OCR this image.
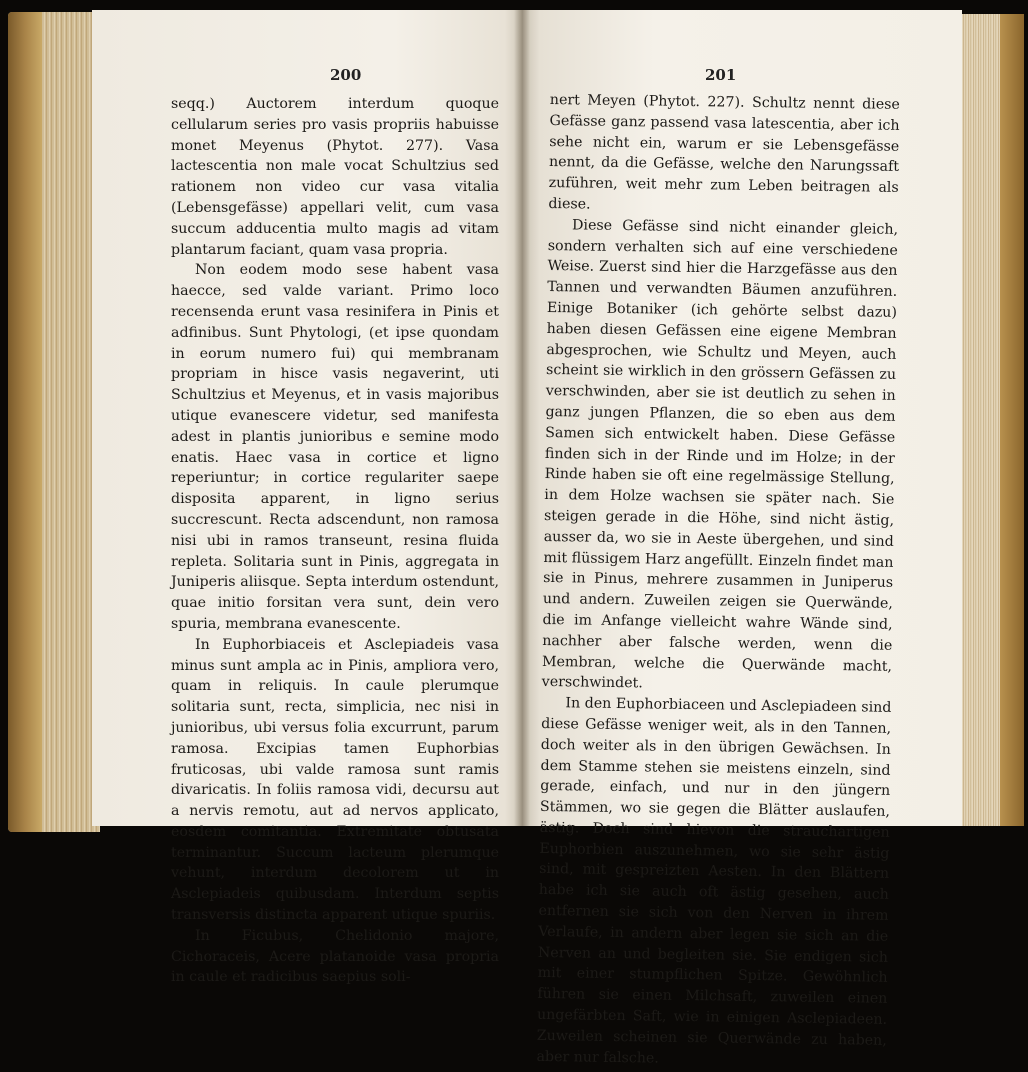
200

seqq.) Auctorem interdum quoque cellularum series pro vasis propriis habuisse monet Meyenus (Phytot. 277). Vasa lactescentia non male vocat Schultzius sed rationem non video cur vasa vitalia (Lebensgefässe) appellari velit, cum vasa succum adducentia multo magis ad vitam plantarum faciant, quam vasa propria.

Non eodem modo sese habent vasa haecce, sed valde variant. Primo loco recensenda erunt vasa resinifera in Pinis et adfinibus. Sunt Phytologi, (et ipse quondam in eorum numero fui) qui membranam propriam in hisce vasis negaverint, uti Schultzius et Meyenus, et in vasis majoribus utique evanescere videtur, sed manifesta adest in plantis junioribus e semine modo enatis. Haec vasa in cortice et ligno reperiuntur; in cortice regulariter saepe disposita apparent, in ligno serius succrescunt. Recta adscendunt, non ramosa nisi ubi in ramos transeunt, resina fluida repleta. Solitaria sunt in Pinis, aggregata in Juniperis aliisque. Septa interdum ostendunt, quae initio forsitan vera sunt, dein vero spuria, membrana evanescente.

In Euphorbiaceis et Asclepiadeis vasa minus sunt ampla ac in Pinis, ampliora vero, quam in reliquis. In caule plerumque solitaria sunt, recta, simplicia, nec nisi in junioribus, ubi versus folia excurrunt, parum ramosa. Excipias tamen Euphorbias fruticosas, ubi valde ramosa sunt ramis divaricatis. In foliis ramosa vidi, decursu aut a nervis remotu, aut ad nervos applicato, eosdem comitantia. Extremitate obtusata terminantur. Succum lacteum plerumque vehunt, interdum decolorem ut in Asclepiadeis quibusdam. Interdum septis transversis distincta apparent utique spuriis.

In Ficubus, Chelidonio majore, Cichoraceis, Acere platanoide vasa propria in caule et radicibus saepius soli-

201

nert Meyen (Phytot. 227). Schultz nennt diese Gefässe ganz passend vasa latescentia, aber ich sehe nicht ein, warum er sie Lebensgefässe nennt, da die Gefässe, welche den Narungssaft zuführen, weit mehr zum Leben beitragen als diese.

Diese Gefässe sind nicht einander gleich, sondern verhalten sich auf eine verschiedene Weise. Zuerst sind hier die Harzgefässe aus den Tannen und verwandten Bäumen anzuführen. Einige Botaniker (ich gehörte selbst dazu) haben diesen Gefässen eine eigene Membran abgesprochen, wie Schultz und Meyen, auch scheint sie wirklich in den grössern Gefässen zu verschwinden, aber sie ist deutlich zu sehen in ganz jungen Pflanzen, die so eben aus dem Samen sich entwickelt haben. Diese Gefässe finden sich in der Rinde und im Holze; in der Rinde haben sie oft eine regelmässige Stellung, in dem Holze wachsen sie später nach. Sie steigen gerade in die Höhe, sind nicht ästig, ausser da, wo sie in Aeste übergehen, und sind mit flüssigem Harz angefüllt. Einzeln findet man sie in Pinus, mehrere zusammen in Juniperus und andern. Zuweilen zeigen sie Querwände, die im Anfange vielleicht wahre Wände sind, nachher aber falsche werden, wenn die Membran, welche die Querwände macht, verschwindet.

In den Euphorbiaceen und Asclepiadeen sind diese Gefässe weniger weit, als in den Tannen, doch weiter als in den übrigen Gewächsen. In dem Stamme stehen sie meistens einzeln, sind gerade, einfach, und nur in den jüngern Stämmen, wo sie gegen die Blätter auslaufen, ästig. Doch sind hievon die strauchartigen Euphorbien auszunehmen, wo sie sehr ästig sind, mit gespreizten Aesten. In den Blättern habe ich sie auch oft ästig gesehen, auch entfernen sie sich von den Nerven in ihrem Verlaufe, in andern aber legen sie sich an die Nerven an und begleiten sie. Sie endigen sich mit einer stumpflichen Spitze. Gewöhnlich führen sie einen Milchsaft, zuweilen einen ungefärbten Saft, wie in einigen Asclepiadeen. Zuweilen scheinen sie Querwände zu haben, aber nur falsche.
